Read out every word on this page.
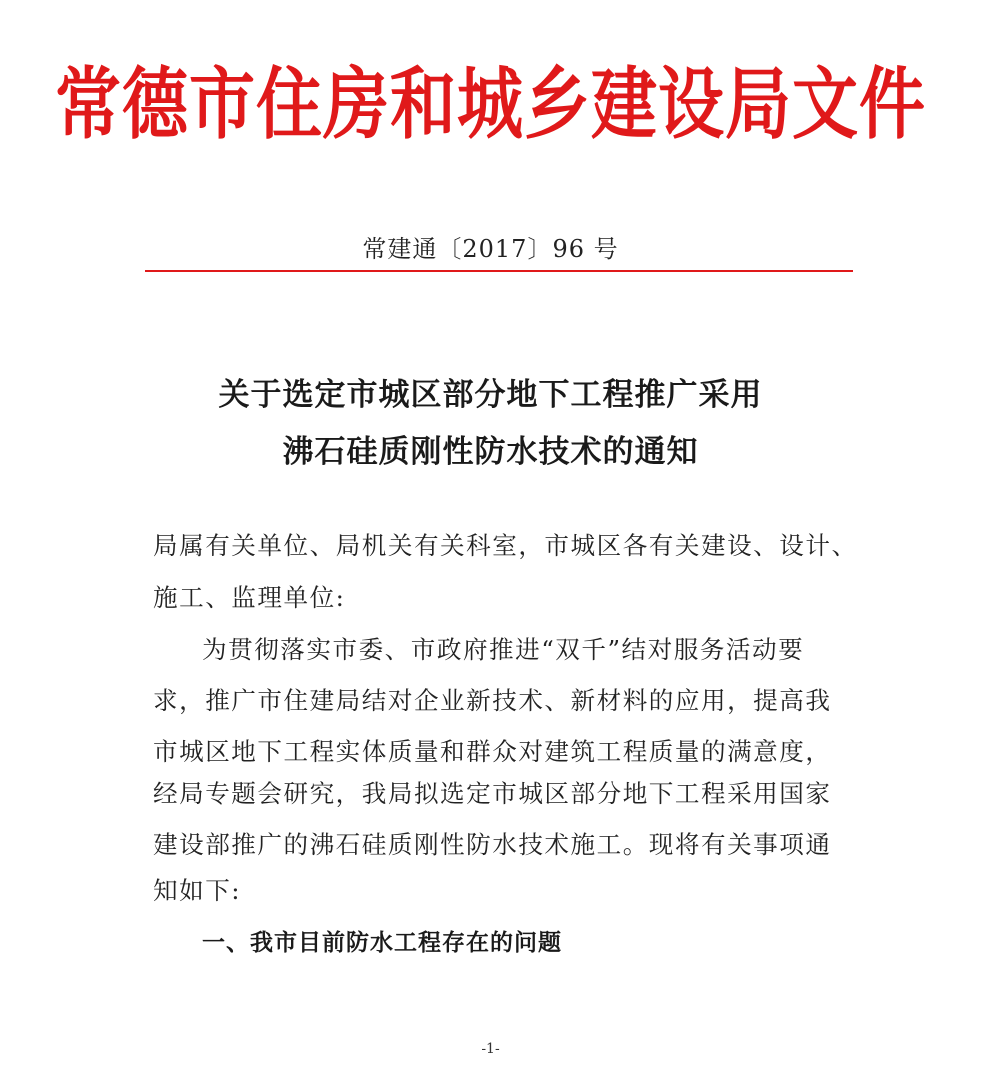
常德市住房和城乡建设局文件
常建通〔2017〕96 号
关于选定市城区部分地下工程推广采用
沸石硅质刚性防水技术的通知
局属有关单位、局机关有关科室，市城区各有关建设、设计、
施工、监理单位:
为贯彻落实市委、市政府推进“双千”结对服务活动要
求，推广市住建局结对企业新技术、新材料的应用，提高我
市城区地下工程实体质量和群众对建筑工程质量的满意度，
经局专题会研究，我局拟选定市城区部分地下工程采用国家
建设部推广的沸石硅质刚性防水技术施工。现将有关事项通
知如下:
一、我市目前防水工程存在的问题
-1-
